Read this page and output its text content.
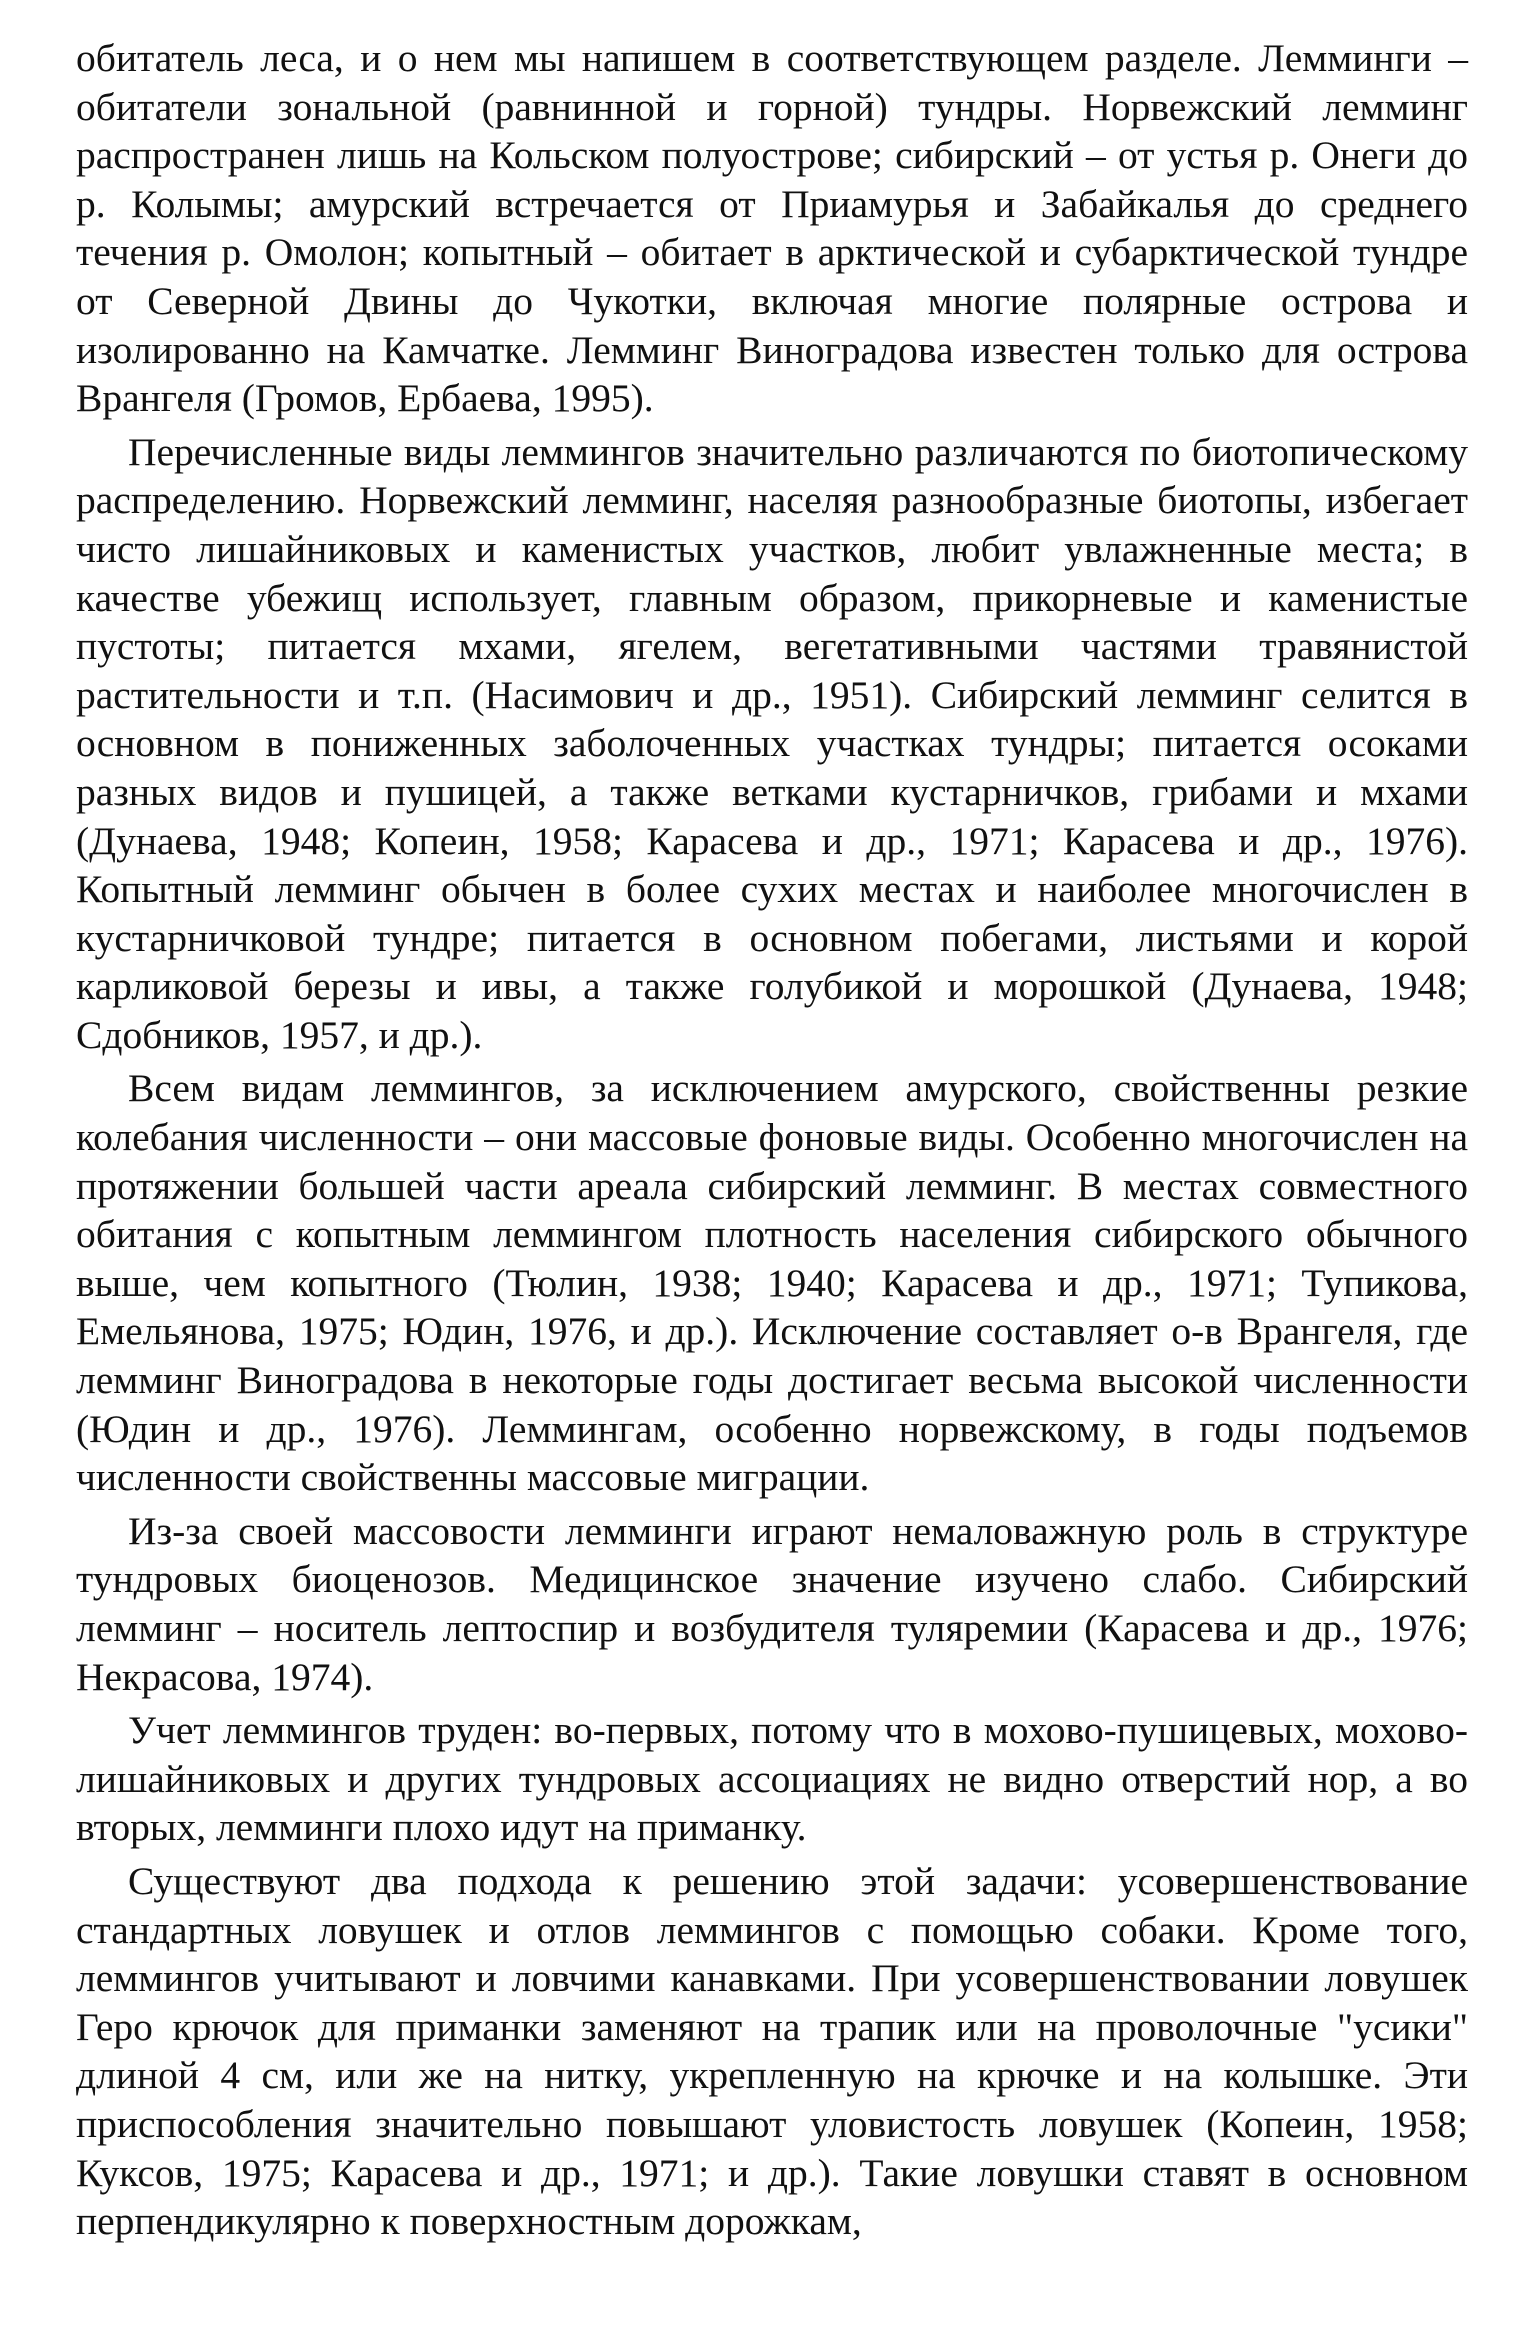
обитатель леса, и о нем мы напишем в соответствующем разделе. Лемминги – обитатели зональной (равнинной и горной) тундры. Норвежский лемминг распространен лишь на Кольском полуострове; сибирский – от устья р. Онеги до р. Колымы; амурский встречается от Приамурья и Забайкалья до среднего течения р. Омолон; копытный – обитает в арктической и субарктической тундре от Северной Двины до Чукотки, включая многие полярные острова и изолированно на Камчатке. Лемминг Виноградова известен только для острова Врангеля (Громов, Ербаева, 1995).

Перечисленные виды леммингов значительно различаются по биотопическому распределению. Норвежский лемминг, населяя разнообразные биотопы, избегает чисто лишайниковых и каменистых участков, любит увлажненные места; в качестве убежищ использует, главным образом, прикорневые и каменистые пустоты; питается мхами, ягелем, вегетативными частями травянистой растительности и т.п. (Насимович и др., 1951). Сибирский лемминг селится в основном в пониженных заболоченных участках тундры; питается осоками разных видов и пушицей, а также ветками кустарничков, грибами и мхами (Дунаева, 1948; Копеин, 1958; Карасева и др., 1971; Карасева и др., 1976). Копытный лемминг обычен в более сухих местах и наиболее многочислен в кустарничковой тундре; питается в основном побегами, листьями и корой карликовой березы и ивы, а также голубикой и морошкой (Дунаева, 1948; Сдобников, 1957, и др.).

Всем видам леммингов, за исключением амурского, свойственны резкие колебания численности – они массовые фоновые виды. Особенно многочислен на протяжении большей части ареала сибирский лемминг. В местах совместного обитания с копытным леммингом плотность населения сибирского обычного выше, чем копытного (Тюлин, 1938; 1940; Карасева и др., 1971; Тупикова, Емельянова, 1975; Юдин, 1976, и др.). Исключение составляет о-в Врангеля, где лемминг Виноградова в некоторые годы достигает весьма высокой численности (Юдин и др., 1976). Леммингам, особенно норвежскому, в годы подъемов численности свойственны массовые миграции.

Из-за своей массовости лемминги играют немаловажную роль в структуре тундровых биоценозов. Медицинское значение изучено слабо. Сибирский лемминг – носитель лептоспир и возбудителя туляремии (Карасева и др., 1976; Некрасова, 1974).

Учет леммингов труден: во-первых, потому что в мохово-пушицевых, мохово-лишайниковых и других тундровых ассоциациях не видно отверстий нор, а во вторых, лемминги плохо идут на приманку.

Существуют два подхода к решению этой задачи: усовершенствование стандартных ловушек и отлов леммингов с помощью собаки. Кроме того, леммингов учитывают и ловчими канавками. При усовершенствовании ловушек Геро крючок для приманки заменяют на трапик или на проволочные "усики" длиной 4 см, или же на нитку, укрепленную на крючке и на колышке. Эти приспособления значительно повышают уловистость ловушек (Копеин, 1958; Куксов, 1975; Карасева и др., 1971; и др.). Такие ловушки ставят в основном перпендикулярно к поверхностным дорожкам,
